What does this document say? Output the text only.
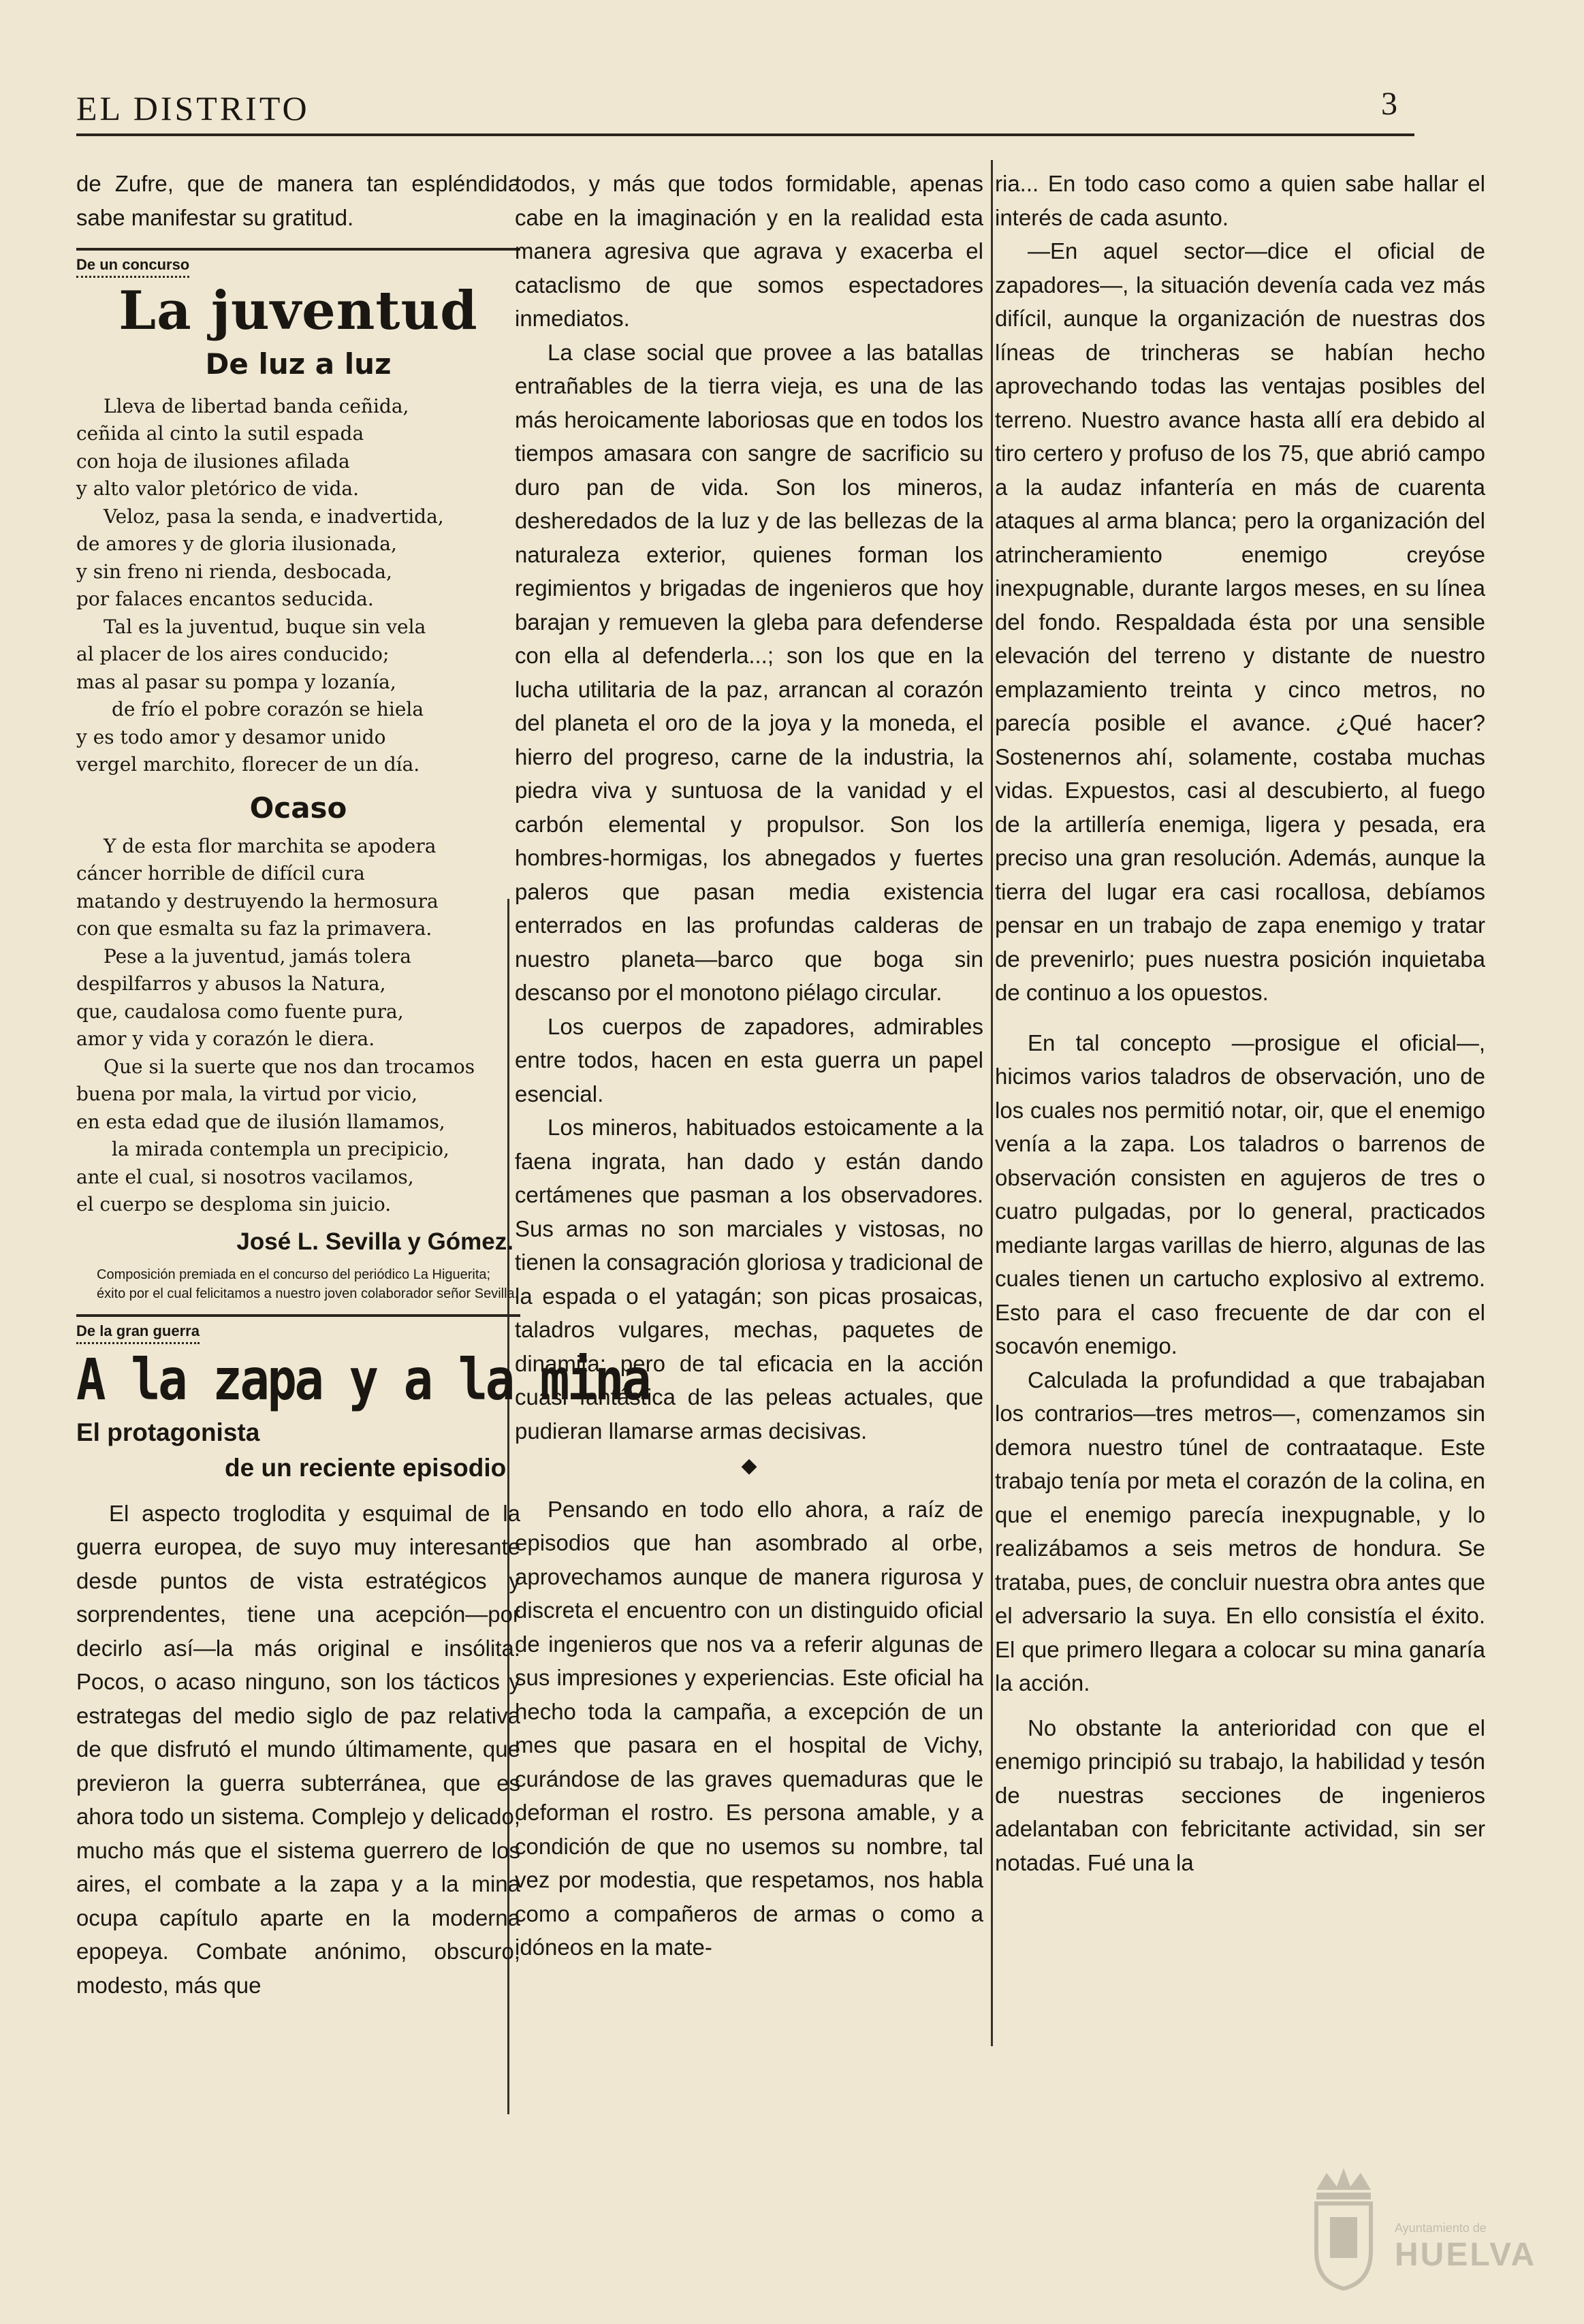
EL DISTRITO	3

de Zufre, que de manera tan espléndida sabe manifestar su gratitud.

De un concurso
La juventud
De luz a luz
Lleva de libertad banda ceñida,
ceñida al cinto la sutil espada
con hoja de ilusiones afilada
y alto valor pletórico de vida.
Veloz, pasa la senda, e inadvertida,
de amores y de gloria ilusionada,
y sin freno ni rienda, desbocada,
por falaces encantos seducida.
Tal es la juventud, buque sin vela
al placer de los aires conducido;
mas al pasar su pompa y lozanía,
de frío el pobre corazón se hiela
y es todo amor y desamor unido
vergel marchito, florecer de un día.
Ocaso
Y de esta flor marchita se apodera
cáncer horrible de difícil cura
matando y destruyendo la hermosura
con que esmalta su faz la primavera.
Pese a la juventud, jamás tolera
despilfarros y abusos la Natura,
que, caudalosa como fuente pura,
amor y vida y corazón le diera.
Que si la suerte que nos dan trocamos
buena por mala, la virtud por vicio,
en esta edad que de ilusión llamamos,
la mirada contempla un precipicio,
ante el cual, si nosotros vacilamos,
el cuerpo se desploma sin juicio.
José L. Sevilla y Gómez.
Composición premiada en el concurso del periódico La Higuerita; éxito por el cual felicitamos a nuestro joven colaborador señor Sevilla.
De la gran guerra
A la zapa y a la mina
El protagonista
de un reciente episodio

El aspecto troglodita y esquimal de la guerra europea, de suyo muy interesante desde puntos de vista estratégicos y sorprendentes, tiene una acepción—por decirlo así—la más original e insólita. Pocos, o acaso ninguno, son los tácticos y estrategas del medio siglo de paz relativa de que disfrutó el mundo últimamente, que previeron la guerra subterránea, que es ahora todo un sistema. Complejo y delicado, mucho más que el sistema guerrero de los aires, el combate a la zapa y a la mina ocupa capítulo aparte en la moderna epopeya. Combate anónimo, obscuro, modesto, más que

todos, y más que todos formidable, apenas cabe en la imaginación y en la realidad esta manera agresiva que agrava y exacerba el cataclismo de que somos espectadores inmediatos.

La clase social que provee a las batallas entrañables de la tierra vieja, es una de las más heroicamente laboriosas que en todos los tiempos amasara con sangre de sacrificio su duro pan de vida. Son los mineros, desheredados de la luz y de las bellezas de la naturaleza exterior, quienes forman los regimientos y brigadas de ingenieros que hoy barajan y remueven la gleba para defenderse con ella al defenderla...; son los que en la lucha utilitaria de la paz, arrancan al corazón del planeta el oro de la joya y la moneda, el hierro del progreso, carne de la industria, la piedra viva y suntuosa de la vanidad y el carbón elemental y propulsor. Son los hombres-hormigas, los abnegados y fuertes paleros que pasan media existencia enterrados en las profundas calderas de nuestro planeta—barco que boga sin descanso por el monotono piélago circular.

Los cuerpos de zapadores, admirables entre todos, hacen en esta guerra un papel esencial.

Los mineros, habituados estoicamente a la faena ingrata, han dado y están dando certámenes que pasman a los observadores. Sus armas no son marciales y vistosas, no tienen la consagración gloriosa y tradicional de la espada o el yatagán; son picas prosaicas, taladros vulgares, mechas, paquetes de dinamita; pero de tal eficacia en la acción cuasi fantástica de las peleas actuales, que pudieran llamarse armas decisivas.

◆

Pensando en todo ello ahora, a raíz de episodios que han asombrado al orbe, aprovechamos aunque de manera rigurosa y discreta el encuentro con un distinguido oficial de ingenieros que nos va a referir algunas de sus impresiones y experiencias. Este oficial ha hecho toda la campaña, a excepción de un mes que pasara en el hospital de Vichy, curándose de las graves quemaduras que le deforman el rostro. Es persona amable, y a condición de que no usemos su nombre, tal vez por modestia, que respetamos, nos habla como a compañeros de armas o como a idóneos en la mate-

ria... En todo caso como a quien sabe hallar el interés de cada asunto.

—En aquel sector—dice el oficial de zapadores—, la situación devenía cada vez más difícil, aunque la organización de nuestras dos líneas de trincheras se habían hecho aprovechando todas las ventajas posibles del terreno. Nuestro avance hasta allí era debido al tiro certero y profuso de los 75, que abrió campo a la audaz infantería en más de cuarenta ataques al arma blanca; pero la organización del atrincheramiento enemigo creyóse inexpugnable, durante largos meses, en su línea del fondo. Respaldada ésta por una sensible elevación del terreno y distante de nuestro emplazamiento treinta y cinco metros, no parecía posible el avance. ¿Qué hacer? Sostenernos ahí, solamente, costaba muchas vidas. Expuestos, casi al descubierto, al fuego de la artillería enemiga, ligera y pesada, era preciso una gran resolución. Además, aunque la tierra del lugar era casi rocallosa, debíamos pensar en un trabajo de zapa enemigo y tratar de prevenirlo; pues nuestra posición inquietaba de continuo a los opuestos.

En tal concepto —prosigue el oficial—, hicimos varios taladros de observación, uno de los cuales nos permitió notar, oir, que el enemigo venía a la zapa. Los taladros o barrenos de observación consisten en agujeros de tres o cuatro pulgadas, por lo general, practicados mediante largas varillas de hierro, algunas de las cuales tienen un cartucho explosivo al extremo. Esto para el caso frecuente de dar con el socavón enemigo.

Calculada la profundidad a que trabajaban los contrarios—tres metros—, comenzamos sin demora nuestro túnel de contraataque. Este trabajo tenía por meta el corazón de la colina, en que el enemigo parecía inexpugnable, y lo realizábamos a seis metros de hondura. Se trataba, pues, de concluir nuestra obra antes que el adversario la suya. En ello consistía el éxito. El que primero llegara a colocar su mina ganaría la acción.

No obstante la anterioridad con que el enemigo principió su trabajo, la habilidad y tesón de nuestras secciones de ingenieros adelantaban con febricitante actividad, sin ser notadas. Fué una la

Ayuntamiento de
HUELVA
